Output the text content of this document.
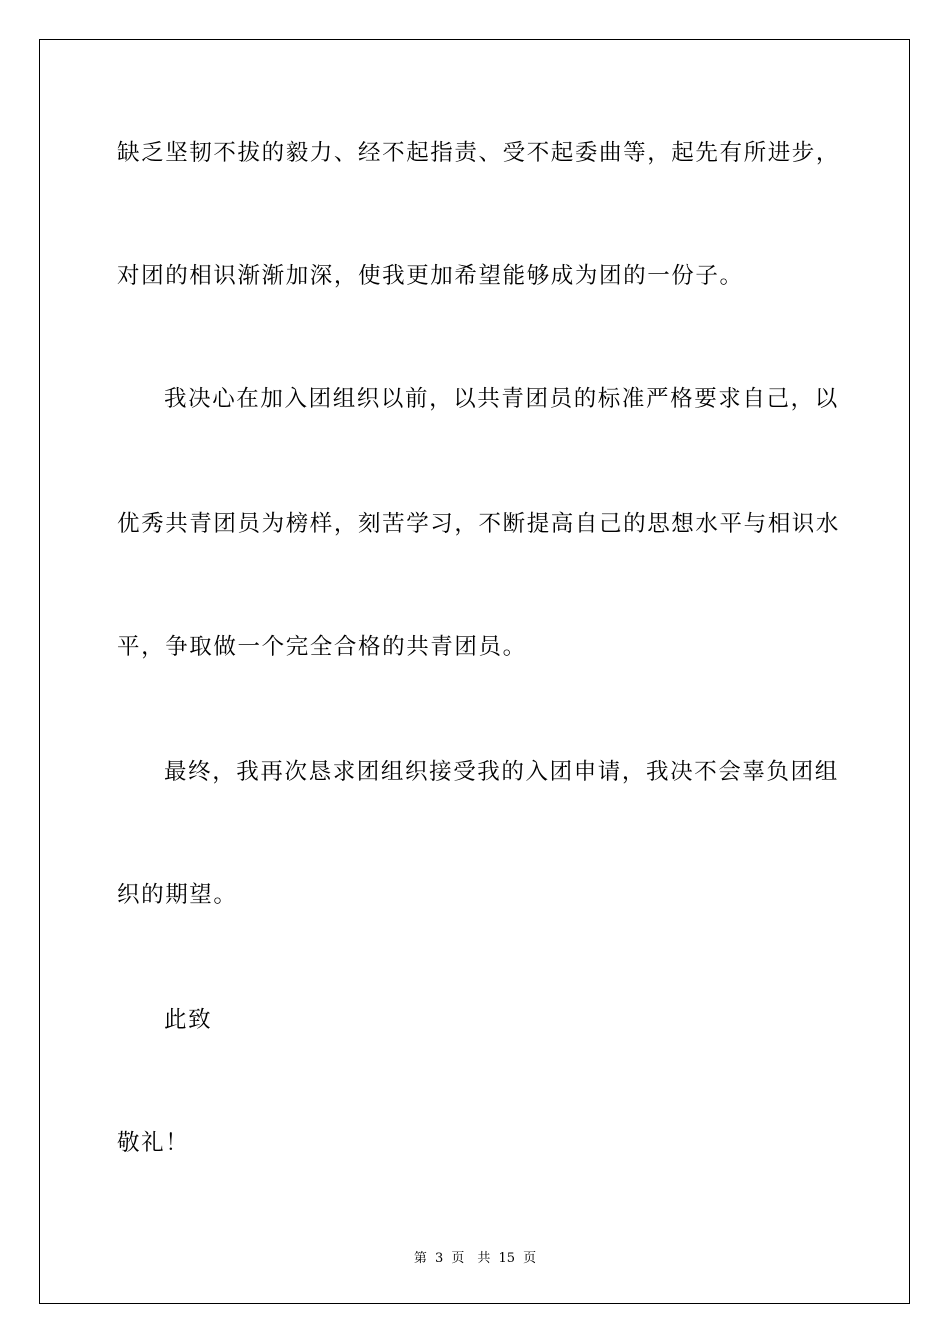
缺乏坚韧不拔的毅力、经不起指责、受不起委曲等，起先有所进步，
对团的相识渐渐加深，使我更加希望能够成为团的一份子。
我决心在加入团组织以前，以共青团员的标准严格要求自己，以
优秀共青团员为榜样，刻苦学习，不断提高自己的思想水平与相识水
平，争取做一个完全合格的共青团员。
最终，我再次恳求团组织接受我的入团申请，我决不会辜负团组
织的期望。
此致
敬礼！
第 3 页　共 15 页
